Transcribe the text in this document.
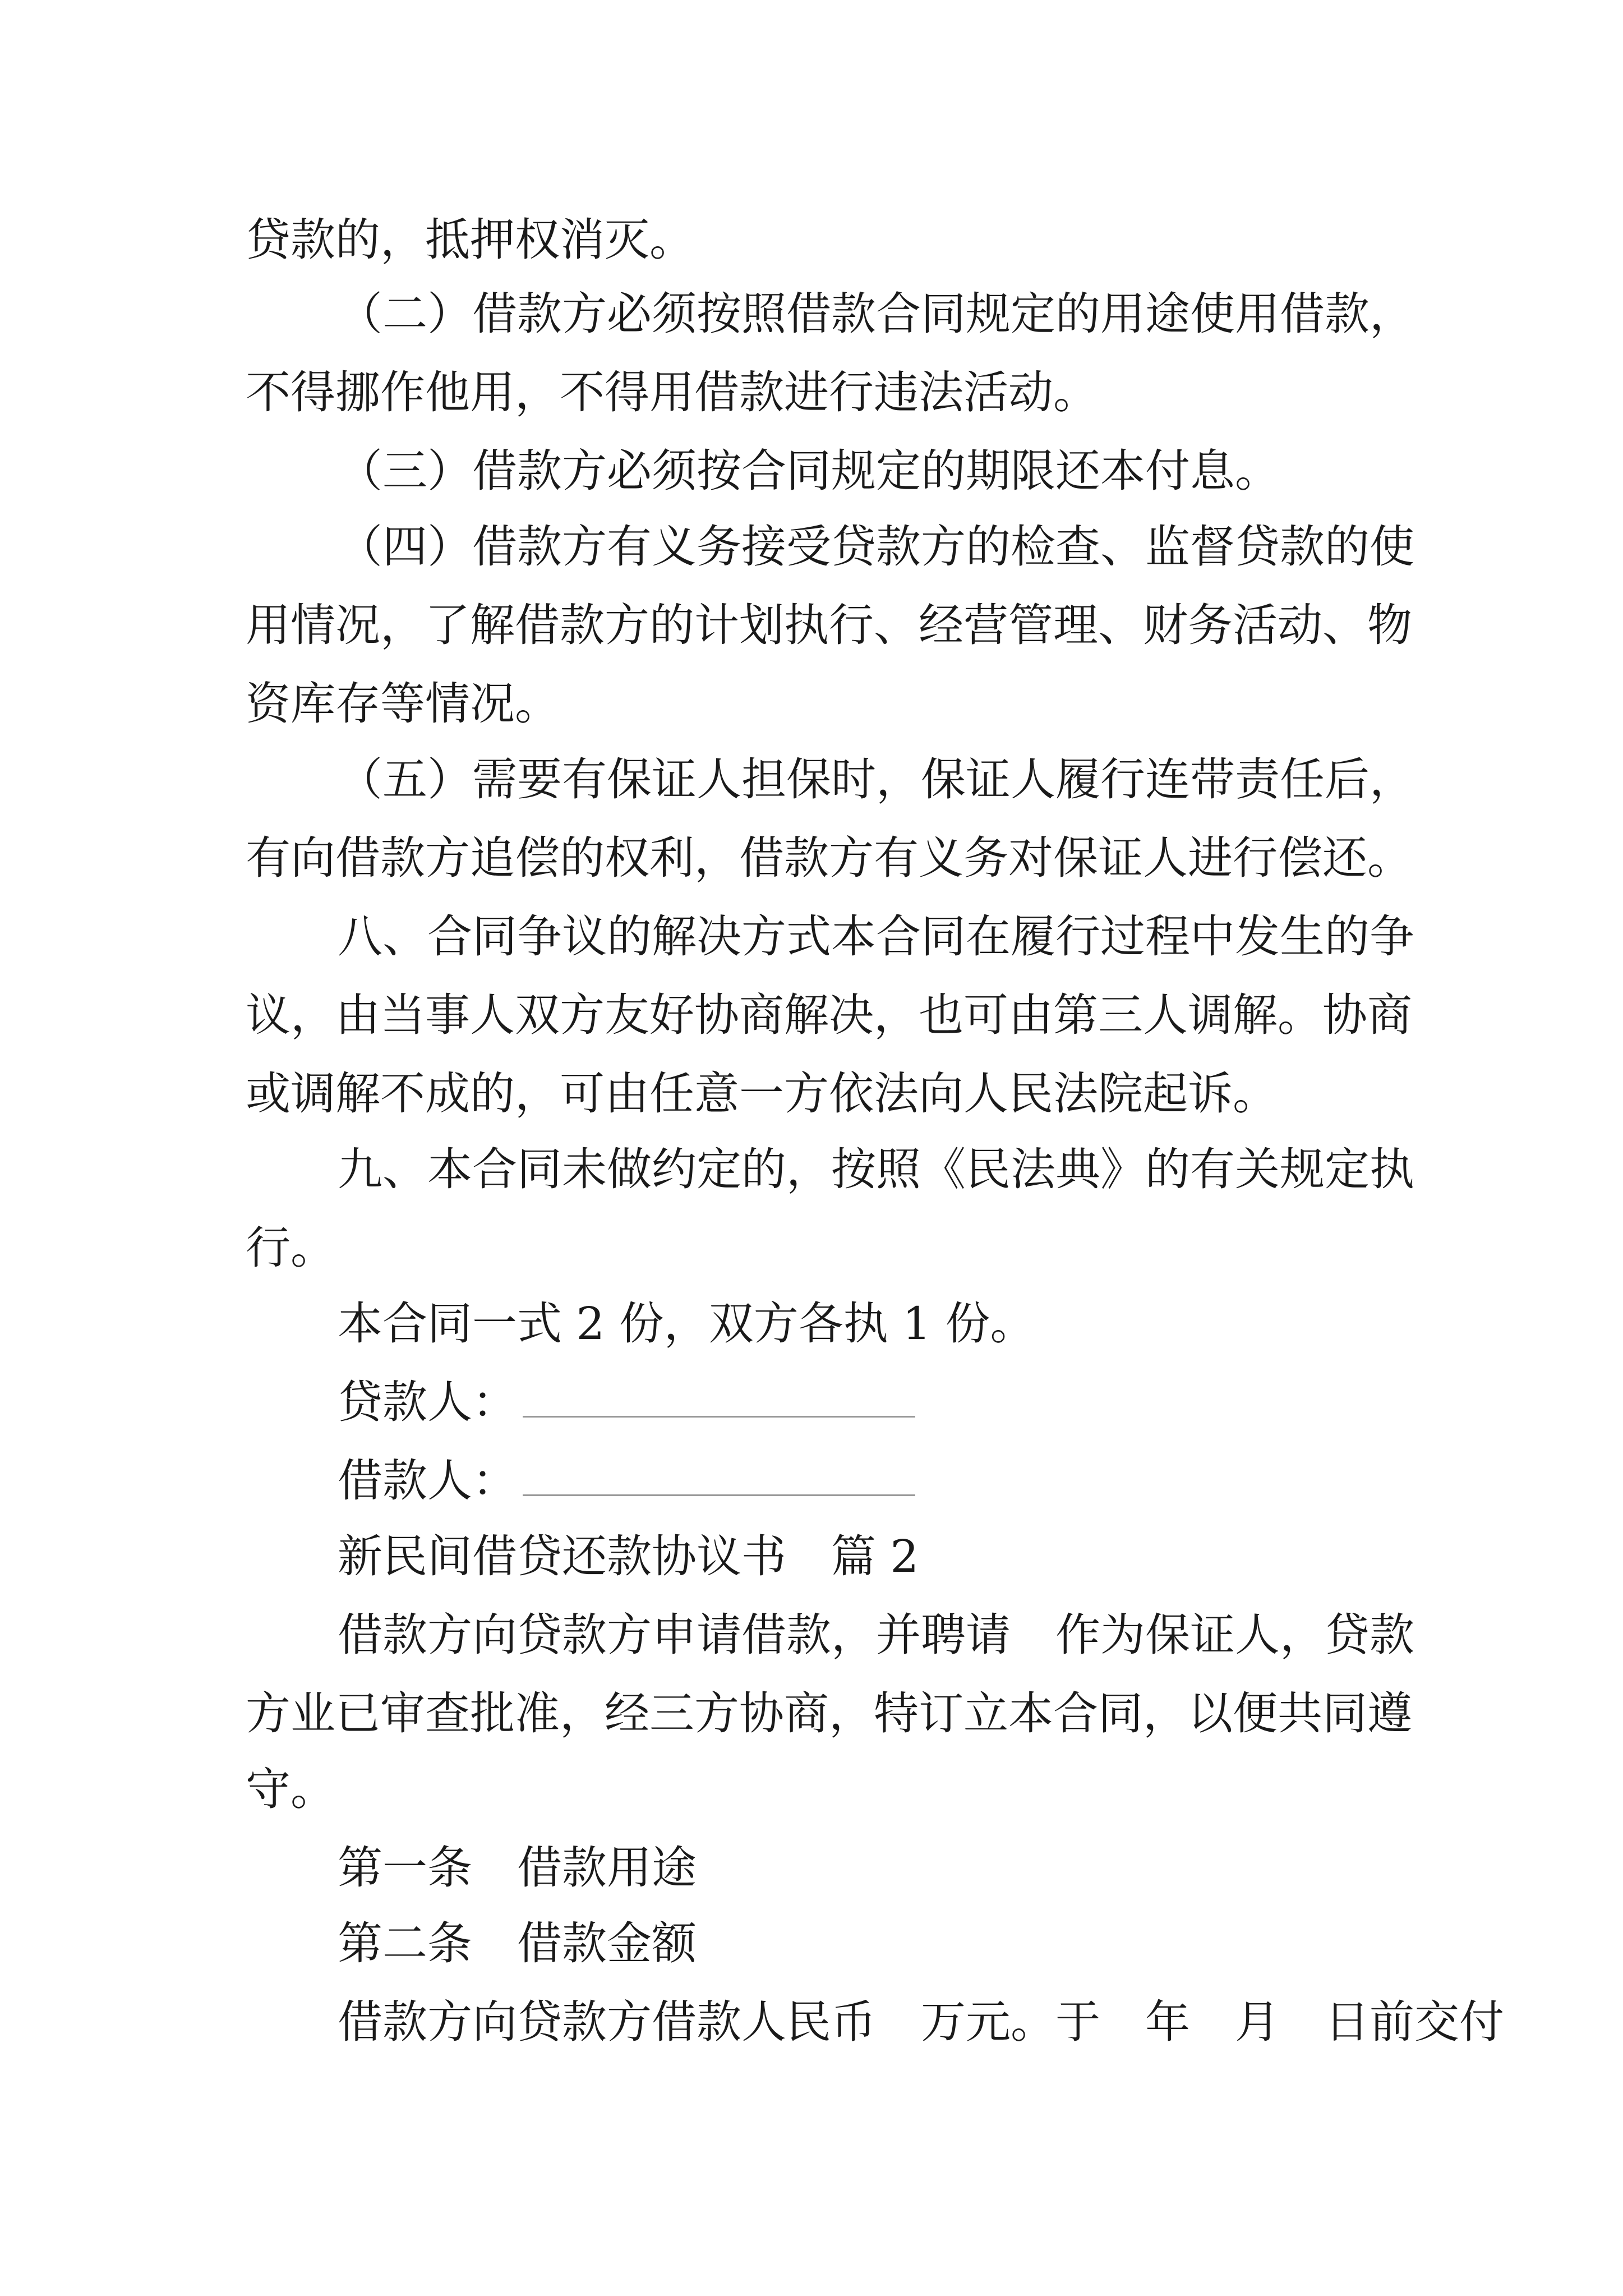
贷款的，抵押权消灭。

（二）借款方必须按照借款合同规定的用途使用借款，

不得挪作他用，不得用借款进行违法活动。

（三）借款方必须按合同规定的期限还本付息。

（四）借款方有义务接受贷款方的检查、监督贷款的使

用情况，了解借款方的计划执行、经营管理、财务活动、物

资库存等情况。

（五）需要有保证人担保时，保证人履行连带责任后，

有向借款方追偿的权利，借款方有义务对保证人进行偿还。

八、合同争议的解决方式本合同在履行过程中发生的争

议，由当事人双方友好协商解决，也可由第三人调解。协商

或调解不成的，可由任意一方依法向人民法院起诉。

九、本合同未做约定的，按照《民法典》的有关规定执

行。

本合同一式 2 份，双方各执 1 份。

贷款人：
借款人：

新民间借贷还款协议书　篇 2

借款方向贷款方申请借款，并聘请　作为保证人，贷款

方业已审查批准，经三方协商，特订立本合同，以便共同遵

守。

第一条　借款用途

第二条　借款金额

借款方向贷款方借款人民币　万元。于　年　月　日前交付
